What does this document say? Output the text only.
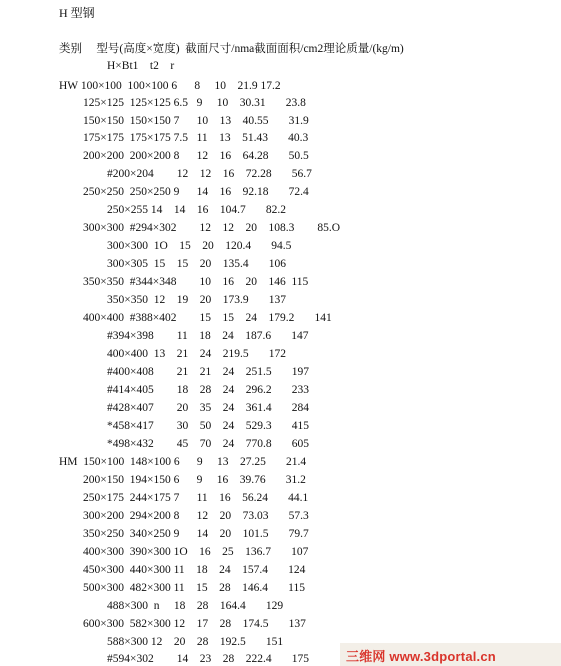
H 型钢
类别     型号(高度×宽度)  截面尺寸/nma截面面积/cm2理论质量/(kg/m)
H×Bt1    t2    r
HW 100×100  100×100 6      8     10    21.9 17.2
125×125  125×125 6.5   9     10    30.31       23.8
150×150  150×150 7      10    13    40.55       31.9
175×175  175×175 7.5   11    13    51.43       40.3
200×200  200×200 8      12    16    64.28       50.5
#200×204        12    12    16    72.28       56.7
250×250  250×250 9      14    16    92.18       72.4
250×255 14    14    16    104.7       82.2
300×300  #294×302        12    12    20    108.3        85.O
300×300  1O    15    20    120.4       94.5
300×305  15    15    20    135.4       106
350×350  #344×348        10    16    20    146  115
350×350  12    19    20    173.9       137
400×400  #388×402        15    15    24    179.2       141
#394×398        11    18    24    187.6       147
400×400  13    21    24    219.5       172
#400×408        21    21    24    251.5       197
#414×405        18    28    24    296.2       233
#428×407        20    35    24    361.4       284
*458×417        30    50    24    529.3       415
*498×432        45    70    24    770.8       605
HM  150×100  148×100 6      9     13    27.25       21.4
200×150  194×150 6      9     16    39.76       31.2
250×175  244×175 7      11    16    56.24       44.1
300×200  294×200 8      12    20    73.03       57.3
350×250  340×250 9      14    20    101.5       79.7
400×300  390×300 1O    16    25    136.7       107
450×300  440×300 11    18    24    157.4       124
500×300  482×300 11    15    28    146.4       115
488×300  n     18    28    164.4       129
600×300  582×300 12    17    28    174.5       137
588×300 12    20    28    192.5       151
#594×302        14    23    28    222.4       175	三维网 www.3dportal.cn
